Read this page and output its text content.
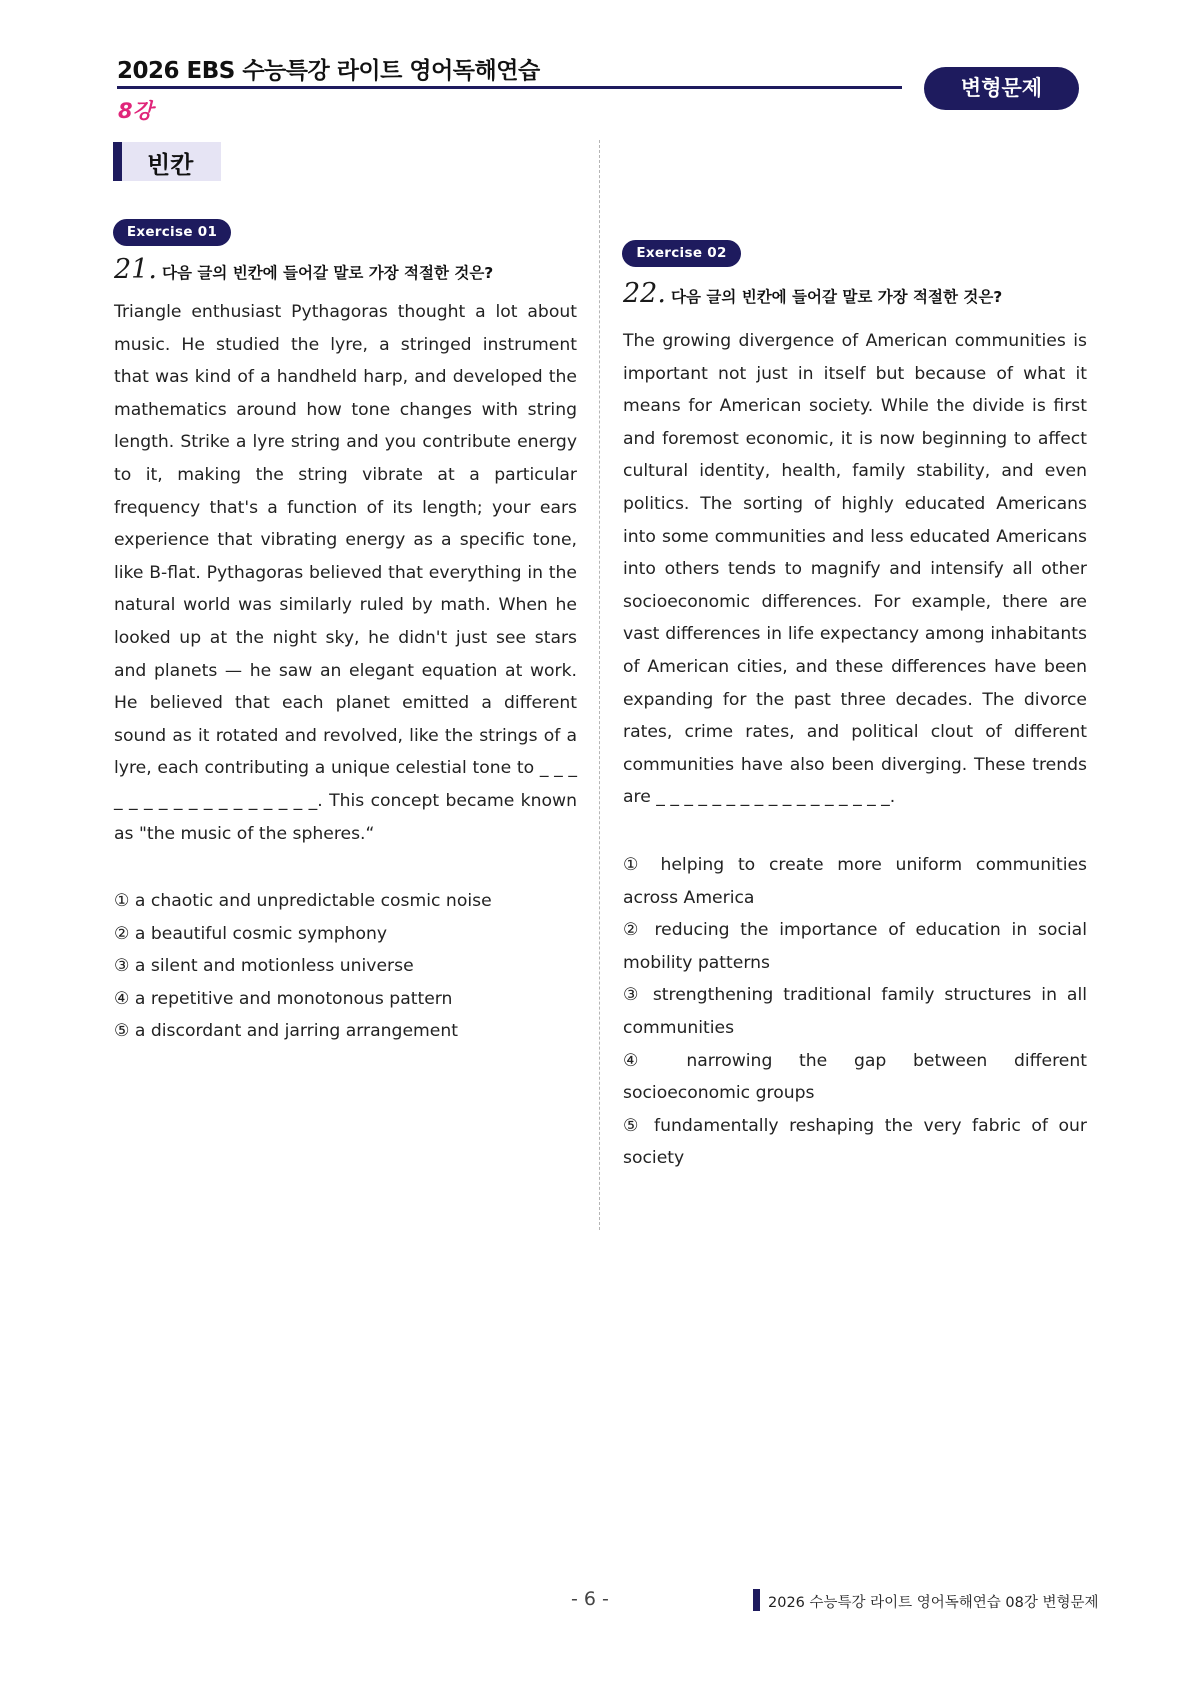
2026 EBS 수능특강 라이트 영어독해연습
8강
변형문제
빈칸
Exercise 01
21. 다음 글의 빈칸에 들어갈 말로 가장 적절한 것은?
Triangle enthusiast Pythagoras thought a lot about music. He studied the lyre, a stringed instrument that was kind of a handheld harp, and developed the mathematics around how tone changes with string length. Strike a lyre string and you contribute energy to it, making the string vibrate at a particular frequency that's a function of its length; your ears experience that vibrating energy as a specific tone, like B-flat. Pythagoras believed that everything in the natural world was similarly ruled by math. When he looked up at the night sky, he didn't just see stars and planets — he saw an elegant equation at work. He believed that each planet emitted a different sound as it rotated and revolved, like the strings of a lyre, each contributing a unique celestial tone to _ _ _ _ _ _ _ _ _ _ _ _ _ _ _ _ _. This concept became known as "the music of the spheres.“
① a chaotic and unpredictable cosmic noise
② a beautiful cosmic symphony
③ a silent and motionless universe
④ a repetitive and monotonous pattern
⑤ a discordant and jarring arrangement
Exercise 02
22. 다음 글의 빈칸에 들어갈 말로 가장 적절한 것은?
The growing divergence of American communities is important not just in itself but because of what it means for American society. While the divide is first and foremost economic, it is now beginning to affect cultural identity, health, family stability, and even politics. The sorting of highly educated Americans into some communities and less educated Americans into others tends to magnify and intensify all other socioeconomic differences. For example, there are vast differences in life expectancy among inhabitants of American cities, and these differences have been expanding for the past three decades. The divorce rates, crime rates, and political clout of different communities have also been diverging. These trends are _ _ _ _ _ _ _ _ _ _ _ _ _ _ _ _ _.
① helping to create more uniform communities across America
② reducing the importance of education in social mobility patterns
③ strengthening traditional family structures in all communities
④ narrowing the gap between different socioeconomic groups
⑤ fundamentally reshaping the very fabric of our society
- 6 -	2026 수능특강 라이트 영어독해연습 08강 변형문제
